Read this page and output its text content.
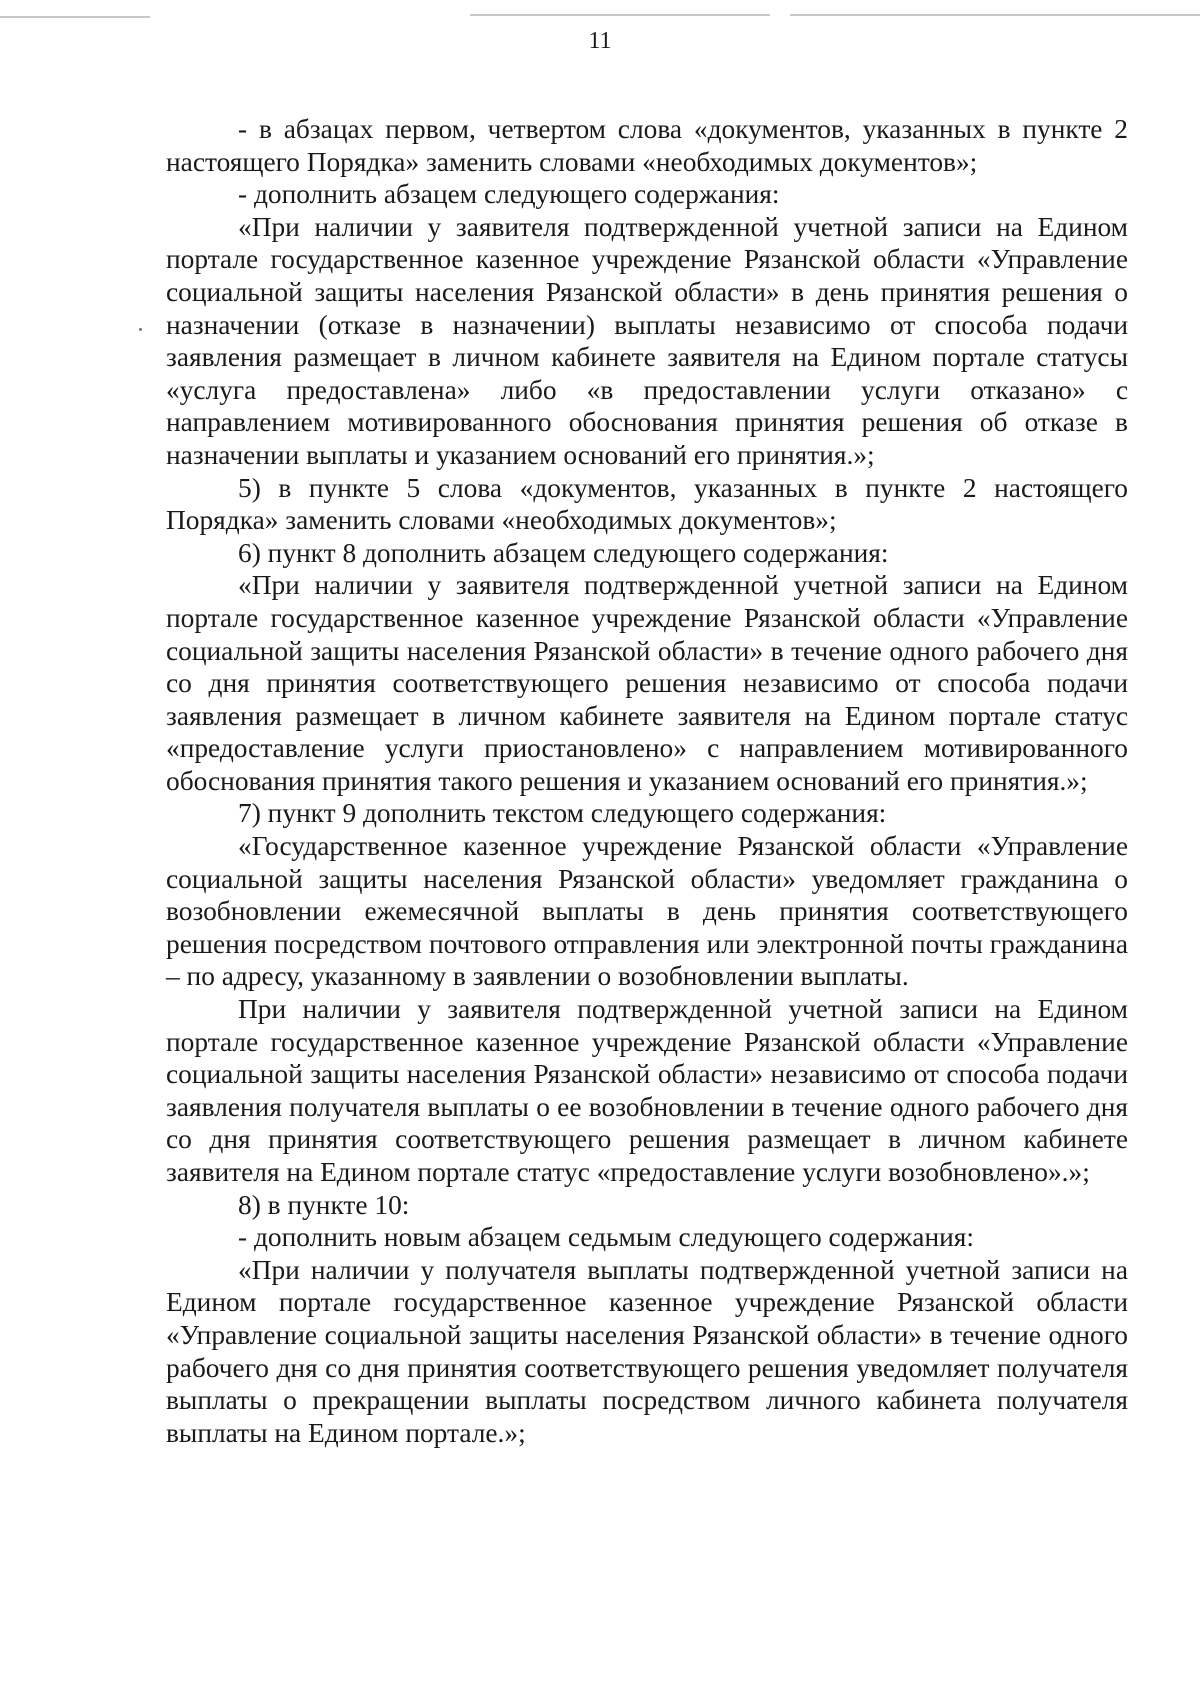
11

- в абзацах первом, четвертом слова «документов, указанных в пункте 2 настоящего Порядка» заменить словами «необходимых документов»;

- дополнить абзацем следующего содержания:

«При наличии у заявителя подтвержденной учетной записи на Едином портале государственное казенное учреждение Рязанской области «Управление социальной защиты населения Рязанской области» в день принятия решения о назначении (отказе в назначении) выплаты независимо от способа подачи заявления размещает в личном кабинете заявителя на Едином портале статусы «услуга предоставлена» либо «в предоставлении услуги отказано» с направлением мотивированного обоснования принятия решения об отказе в назначении выплаты и указанием оснований его принятия.»;

5) в пункте 5 слова «документов, указанных в пункте 2 настоящего Порядка» заменить словами «необходимых документов»;

6) пункт 8 дополнить абзацем следующего содержания:

«При наличии у заявителя подтвержденной учетной записи на Едином портале государственное казенное учреждение Рязанской области «Управление социальной защиты населения Рязанской области» в течение одного рабочего дня со дня принятия соответствующего решения независимо от способа подачи заявления размещает в личном кабинете заявителя на Едином портале статус «предоставление услуги приостановлено» с направлением мотивированного обоснования принятия такого решения и указанием оснований его принятия.»;

7) пункт 9 дополнить текстом следующего содержания:

«Государственное казенное учреждение Рязанской области «Управление социальной защиты населения Рязанской области» уведомляет гражданина о возобновлении ежемесячной выплаты в день принятия соответствующего решения посредством почтового отправления или электронной почты гражданина – по адресу, указанному в заявлении о возобновлении выплаты.

При наличии у заявителя подтвержденной учетной записи на Едином портале государственное казенное учреждение Рязанской области «Управление социальной защиты населения Рязанской области» независимо от способа подачи заявления получателя выплаты о ее возобновлении в течение одного рабочего дня со дня принятия соответствующего решения размещает в личном кабинете заявителя на Едином портале статус «предоставление услуги возобновлено».»;

8) в пункте 10:

- дополнить новым абзацем седьмым следующего содержания:

«При наличии у получателя выплаты подтвержденной учетной записи на Едином портале государственное казенное учреждение Рязанской области «Управление социальной защиты населения Рязанской области» в течение одного рабочего дня со дня принятия соответствующего решения уведомляет получателя выплаты о прекращении выплаты посредством личного кабинета получателя выплаты на Едином портале.»;
